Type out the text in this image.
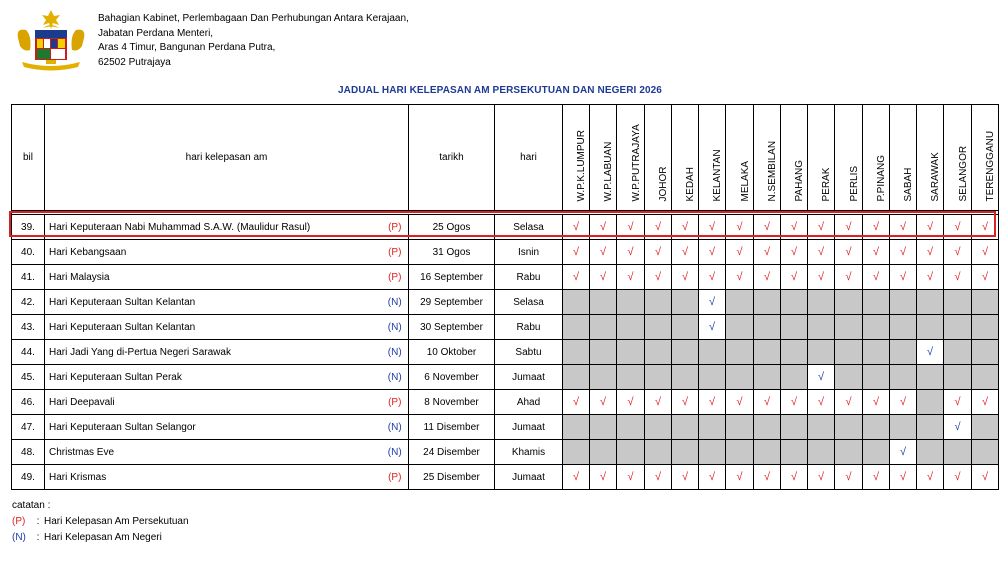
Bahagian Kabinet, Perlembagaan Dan Perhubungan Antara Kerajaan,
Jabatan Perdana Menteri,
Aras 4 Timur, Bangunan Perdana Putra,
62502 Putrajaya
JADUAL HARI KELEPASAN AM PERSEKUTUAN DAN NEGERI 2026
bil	hari kelepasan am		tarikh	hari	W.P.K.LUMPUR	W.P.LABUAN	W.P.PUTRAJAYA	JOHOR	KEDAH	KELANTAN	MELAKA	N.SEMBILAN	PAHANG	PERAK	PERLIS	P.PINANG	SABAH	SARAWAK	SELANGOR	TERENGGANU

39.	Hari Keputeraan Nabi Muhammad S.A.W. (Maulidur Rasul)	(P)	25 Ogos	Selasa	√	√	√	√	√	√	√	√	√	√	√	√	√	√	√	√
40.	Hari Kebangsaan	(P)	31 Ogos	Isnin	√	√	√	√	√	√	√	√	√	√	√	√	√	√	√	√
41.	Hari Malaysia	(P)	16 September	Rabu	√	√	√	√	√	√	√	√	√	√	√	√	√	√	√	√
42.	Hari Keputeraan Sultan Kelantan	(N)	29 September	Selasa						√										
43.	Hari Keputeraan Sultan Kelantan	(N)	30 September	Rabu						√										
44.	Hari Jadi Yang di-Pertua Negeri Sarawak	(N)	10 Oktober	Sabtu														√		
45.	Hari Keputeraan Sultan Perak	(N)	6 November	Jumaat										√						
46.	Hari Deepavali	(P)	8 November	Ahad	√	√	√	√	√	√	√	√	√	√	√	√	√		√	√
47.	Hari Keputeraan Sultan Selangor	(N)	11 Disember	Jumaat															√	
48.	Christmas Eve	(N)	24 Disember	Khamis													√			
49.	Hari Krismas	(P)	25 Disember	Jumaat	√	√	√	√	√	√	√	√	√	√	√	√	√	√	√	√
catatan :
(P)	: Hari Kelepasan Am Persekutuan
(N)	: Hari Kelepasan Am Negeri
